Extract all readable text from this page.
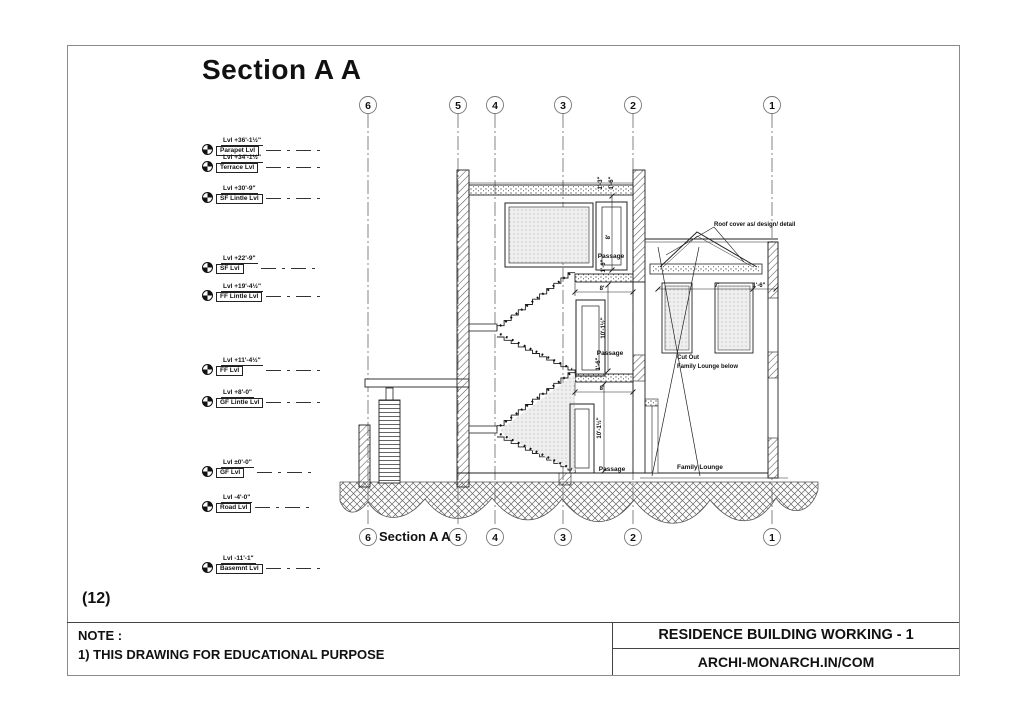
1'-3" 1'-6"
8'
Passage
1'-6"
8'
10'-1½"
Passage
1'-6"
8'
10'-1½"
Passage
7'	1'-6"
Roof cover as/ design/ detail
Cut Out
Family Lounge below
Family Lounge
6	5	4	3	2	1
6	5	4	3	2	1
Section A A
Section A A
(12)
Lvl +36'-1½"
Parapet Lvl
Lvl +34'-1½"
Terrace Lvl
Lvl +30'-9"
SF Lintle Lvl
Lvl +22'-9"
SF Lvl
Lvl +19'-4½"
FF Lintle Lvl
Lvl +11'-4½"
FF Lvl
Lvl +8'-0"
GF Lintle Lvl
Lvl ±0'-0"
GF Lvl
Lvl -4'-0"
Road Lvl
Lvl -11'-1"
Basemnt Lvl
NOTE :
1) THIS DRAWING FOR EDUCATIONAL PURPOSE
RESIDENCE BUILDING WORKING - 1
ARCHI-MONARCH.IN/COM
